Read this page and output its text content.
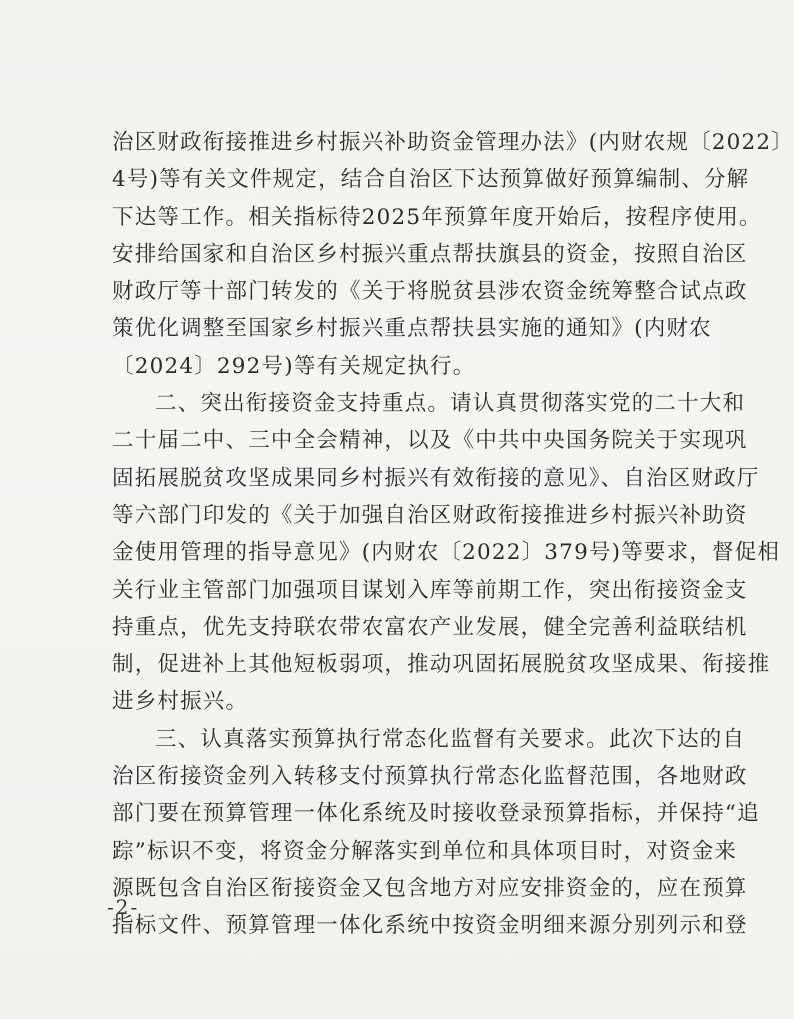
治区财政衔接推进乡村振兴补助资金管理办法》(内财农规〔2022〕
4号)等有关文件规定，结合自治区下达预算做好预算编制、分解
下达等工作。相关指标待2025年预算年度开始后，按程序使用。
安排给国家和自治区乡村振兴重点帮扶旗县的资金，按照自治区
财政厅等十部门转发的《关于将脱贫县涉农资金统筹整合试点政
策优化调整至国家乡村振兴重点帮扶县实施的通知》(内财农
〔2024〕292号)等有关规定执行。
二、突出衔接资金支持重点。请认真贯彻落实党的二十大和
二十届二中、三中全会精神，以及《中共中央国务院关于实现巩
固拓展脱贫攻坚成果同乡村振兴有效衔接的意见》、自治区财政厅
等六部门印发的《关于加强自治区财政衔接推进乡村振兴补助资
金使用管理的指导意见》(内财农〔2022〕379号)等要求，督促相
关行业主管部门加强项目谋划入库等前期工作，突出衔接资金支
持重点，优先支持联农带农富农产业发展，健全完善利益联结机
制，促进补上其他短板弱项，推动巩固拓展脱贫攻坚成果、衔接推
进乡村振兴。
三、认真落实预算执行常态化监督有关要求。此次下达的自
治区衔接资金列入转移支付预算执行常态化监督范围，各地财政
部门要在预算管理一体化系统及时接收登录预算指标，并保持“追
踪”标识不变，将资金分解落实到单位和具体项目时，对资金来
源既包含自治区衔接资金又包含地方对应安排资金的，应在预算
指标文件、预算管理一体化系统中按资金明细来源分别列示和登
-2-
